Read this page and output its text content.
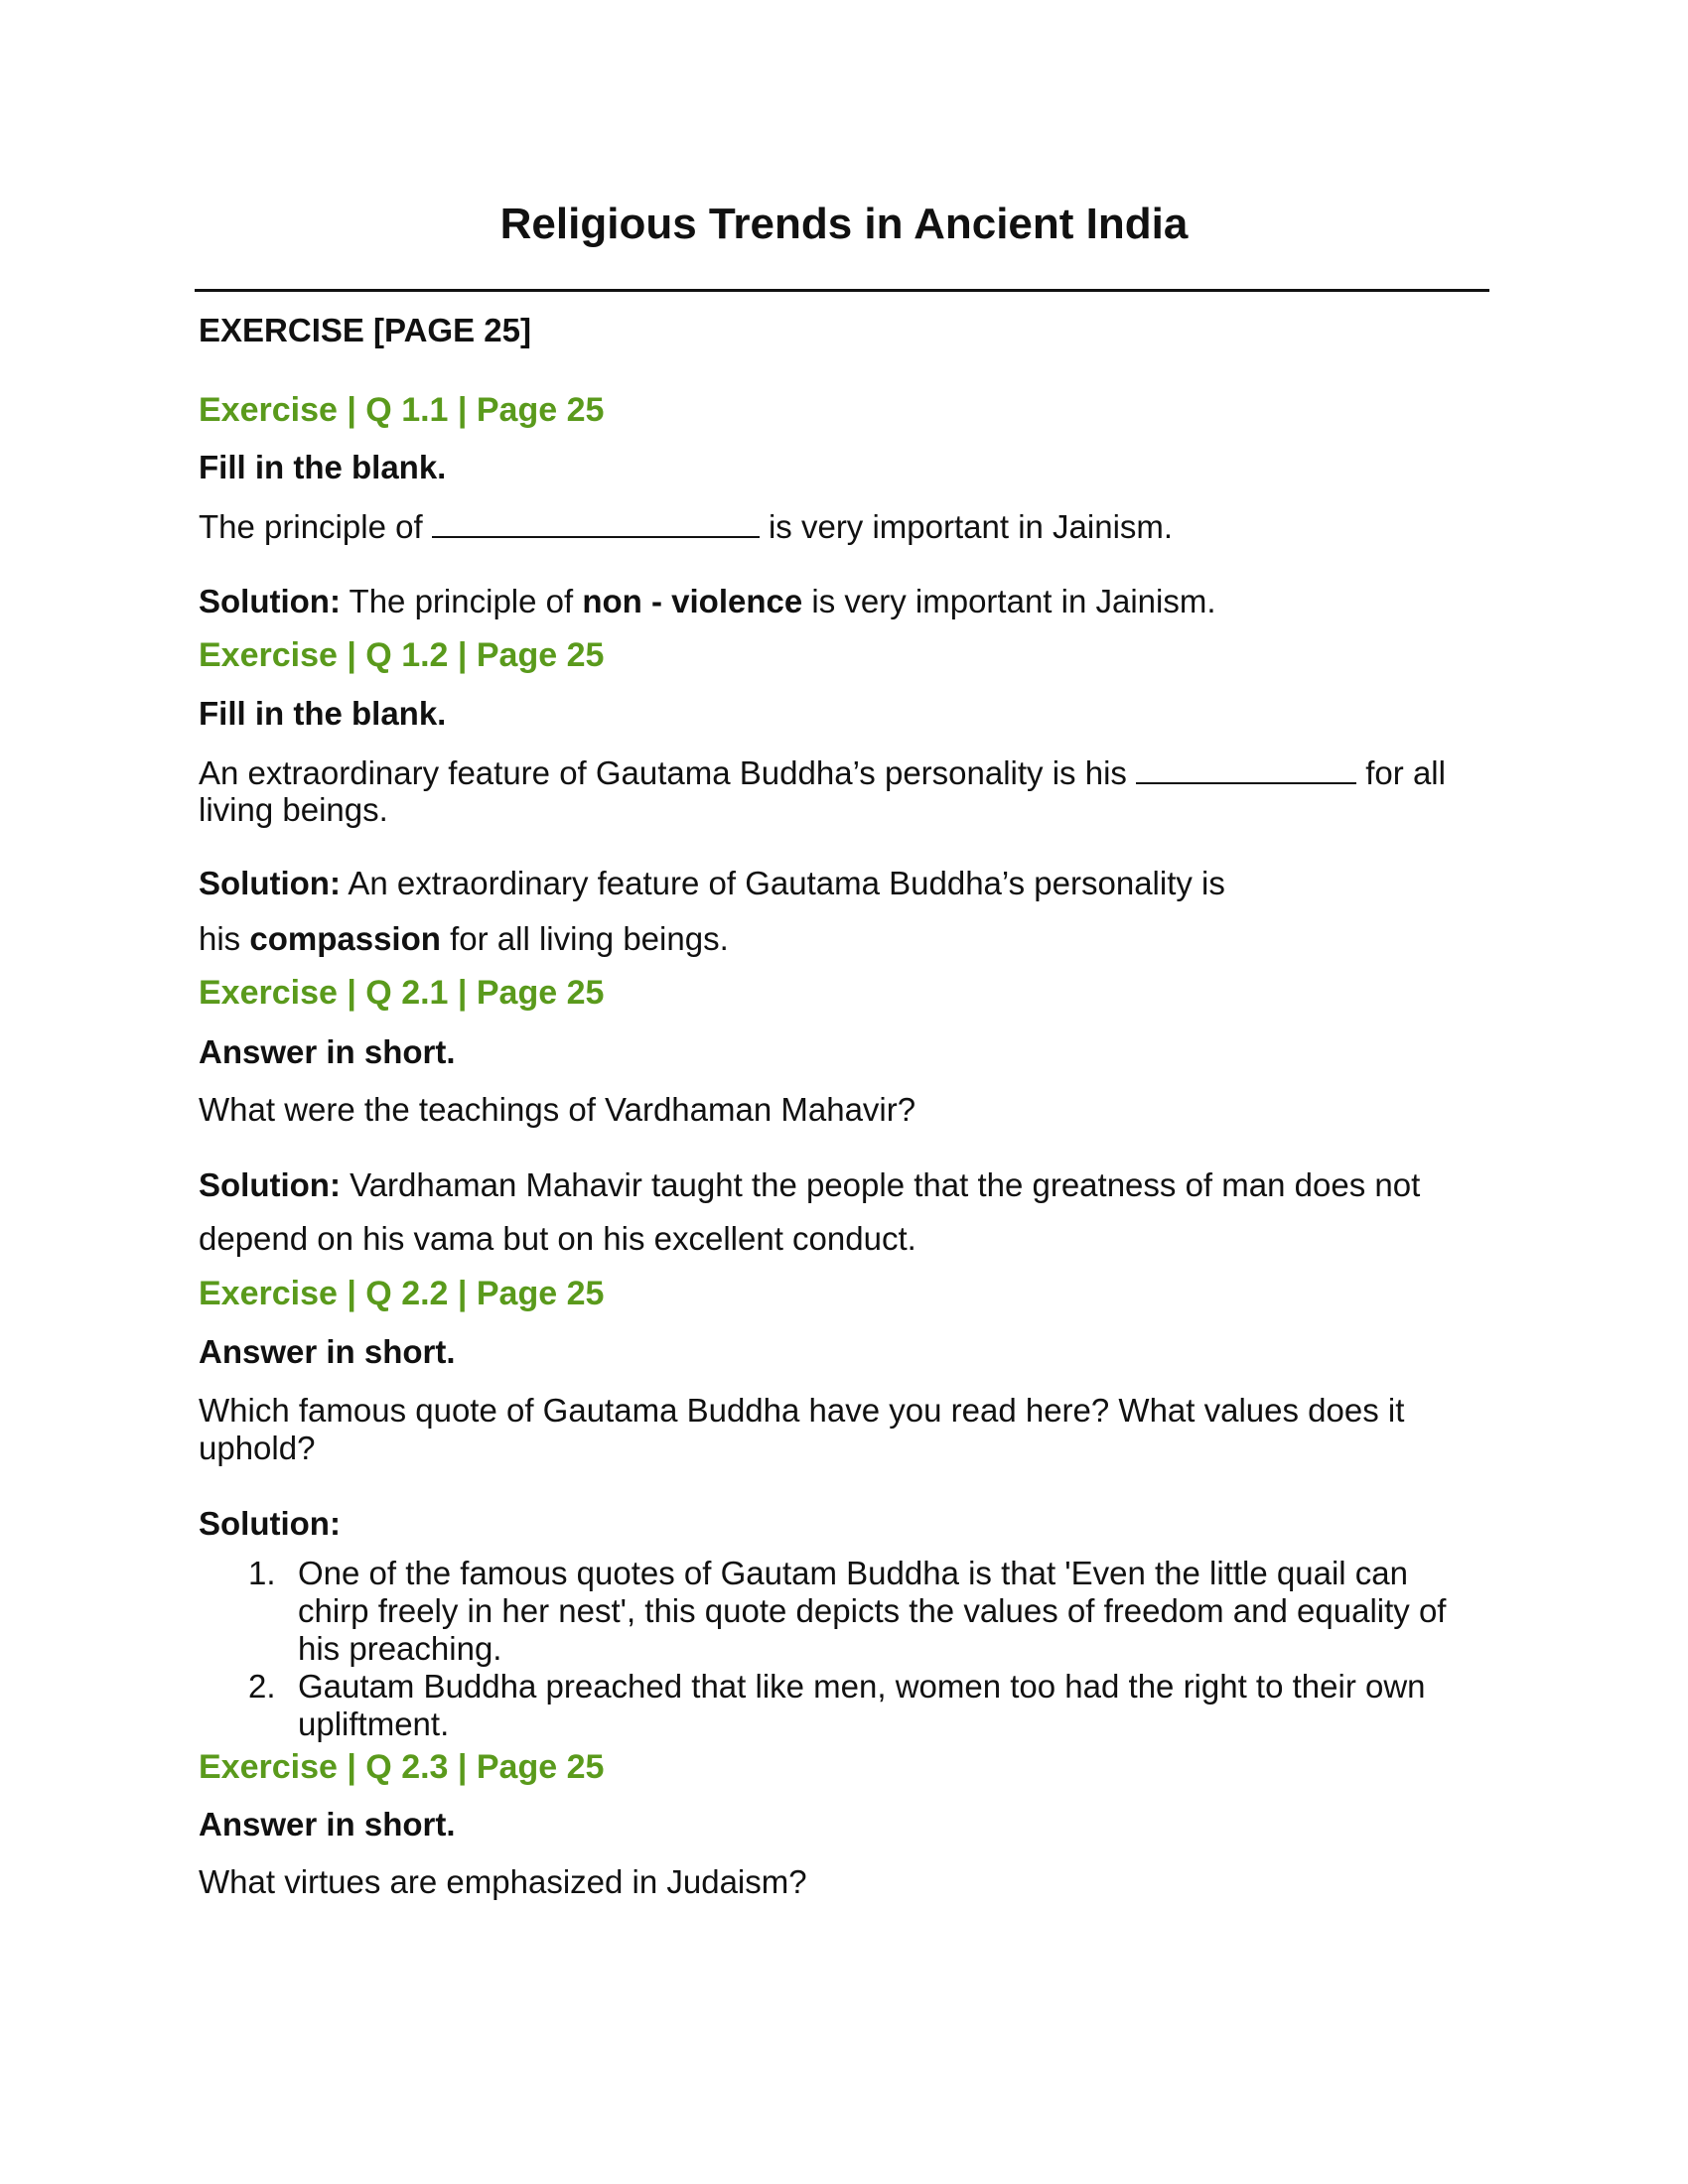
Religious Trends in Ancient India

EXERCISE [PAGE 25]

Exercise | Q 1.1 | Page 25

Fill in the blank.

The principle of	is very important in Jainism.

Solution: The principle of non - violence is very important in Jainism.

Exercise | Q 1.2 | Page 25

Fill in the blank.

An extraordinary feature of Gautama Buddha’s personality is his	for all

living beings.

Solution: An extraordinary feature of Gautama Buddha’s personality is

his compassion for all living beings.

Exercise | Q 2.1 | Page 25

Answer in short.

What were the teachings of Vardhaman Mahavir?

Solution: Vardhaman Mahavir taught the people that the greatness of man does not

depend on his vama but on his excellent conduct.

Exercise | Q 2.2 | Page 25

Answer in short.

Which famous quote of Gautama Buddha have you read here? What values does it

uphold?

Solution:

1. One of the famous quotes of Gautam Buddha is that 'Even the little quail can
chirp freely in her nest', this quote depicts the values of freedom and equality of
his preaching.
2. Gautam Buddha preached that like men, women too had the right to their own
upliftment.

Exercise | Q 2.3 | Page 25

Answer in short.

What virtues are emphasized in Judaism?
